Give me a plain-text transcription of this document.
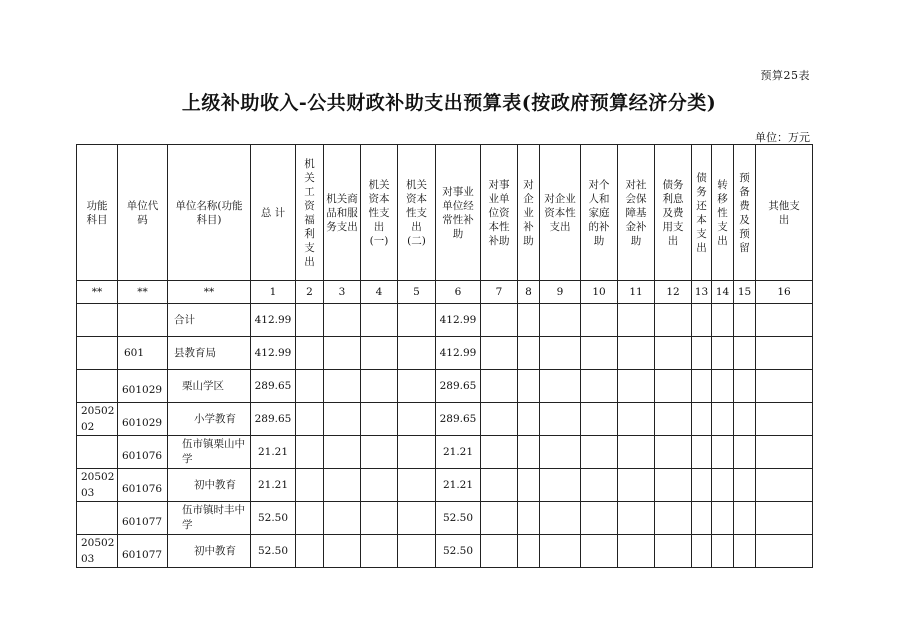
预算25表
上级补助收入-公共财政补助支出预算表(按政府预算经济分类)
单位：万元
功能科目	单位代码	单位名称(功能科目)	总 计	机关工资福利支出	机关商品和服务支出	机关资本性支出(一)	机关资本性支出(二)	对事业单位经常性补助	对事业单位资本性补助	对企业补助	对企业资本性支出	对个人和家庭的补助	对社会保障基金补助	债务利息及费用支出	债务还本支出	转移性支出	预备费及预留	其他支出
**	**	**	1	2	3	4	5	6	7	8	9	10	11	12	13	14	15	16

		合计	412.99					412.99										

	601	县教育局	412.99					412.99										

	601029	栗山学区	289.65					289.65										

20502
02	601029	小学教育	289.65					289.65										

	601076	伍市镇栗山中学	21.21					21.21										

20502
03	601076	初中教育	21.21					21.21										

	601077	伍市镇时丰中学	52.50					52.50										

20502
03	601077	初中教育	52.50					52.50										
